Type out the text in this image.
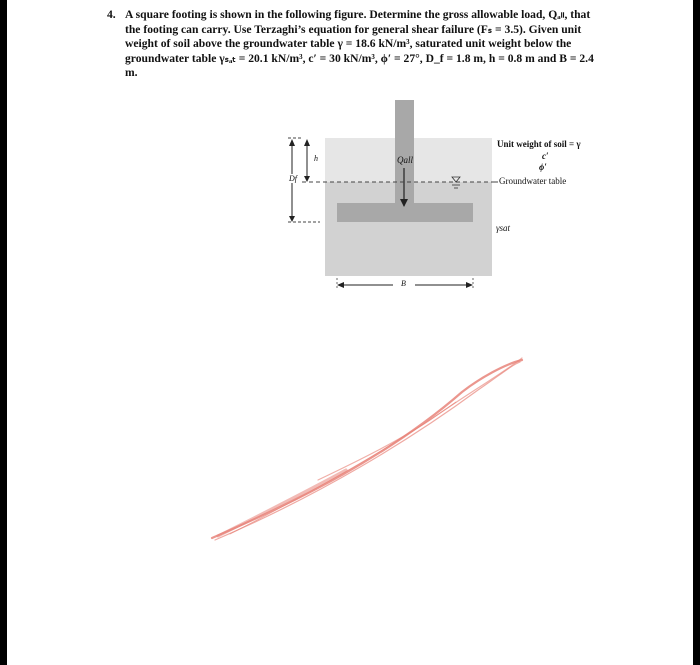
4. A square footing is shown in the following figure. Determine the gross allowable load, Qₐₗₗ, that the footing can carry. Use Terzaghi’s equation for general shear failure (Fₛ = 3.5). Given unit weight of soil above the groundwater table γ = 18.6 kN/m³, saturated unit weight below the groundwater table γₛₐₜ = 20.1 kN/m³, c′ = 30 kN/m³, ϕ′ = 27°, D_f = 1.8 m, h = 0.8 m and B = 2.4 m.
Qall
Unit weight of soil = γ
c′
ϕ′
Groundwater table
γsat
h
Df
B
